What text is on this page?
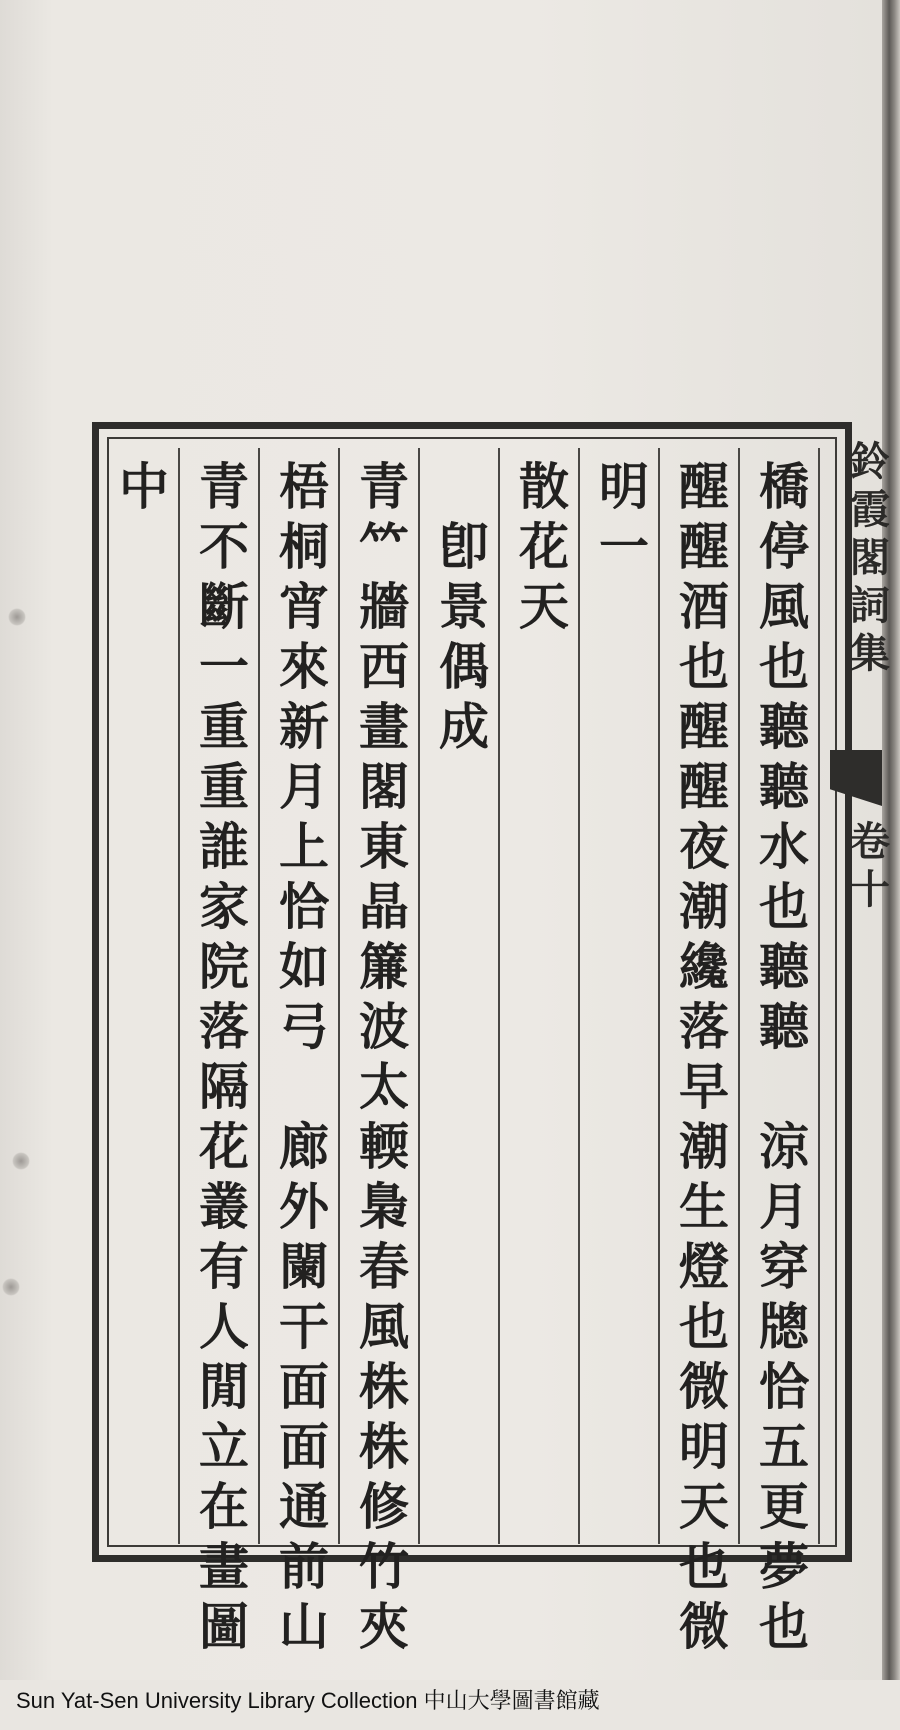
鈴霞閣詞集
卷十
橋停風也聽聽水也聽聽　涼月穿牕恰五更夢也
醒醒酒也醒醒夜潮纔落早潮生燈也微明天也微
明一
散花天
　卽景偶成
青𥫗牆西畫閣東晶簾波太輭梟春風株株修竹夾
梧桐宵來新月上恰如弓　廊外闌干面面通前山
青不斷一重重誰家院落隔花叢有人閒立在畫圖
中
Sun Yat-Sen University Library Collection 中山大學圖書館藏
